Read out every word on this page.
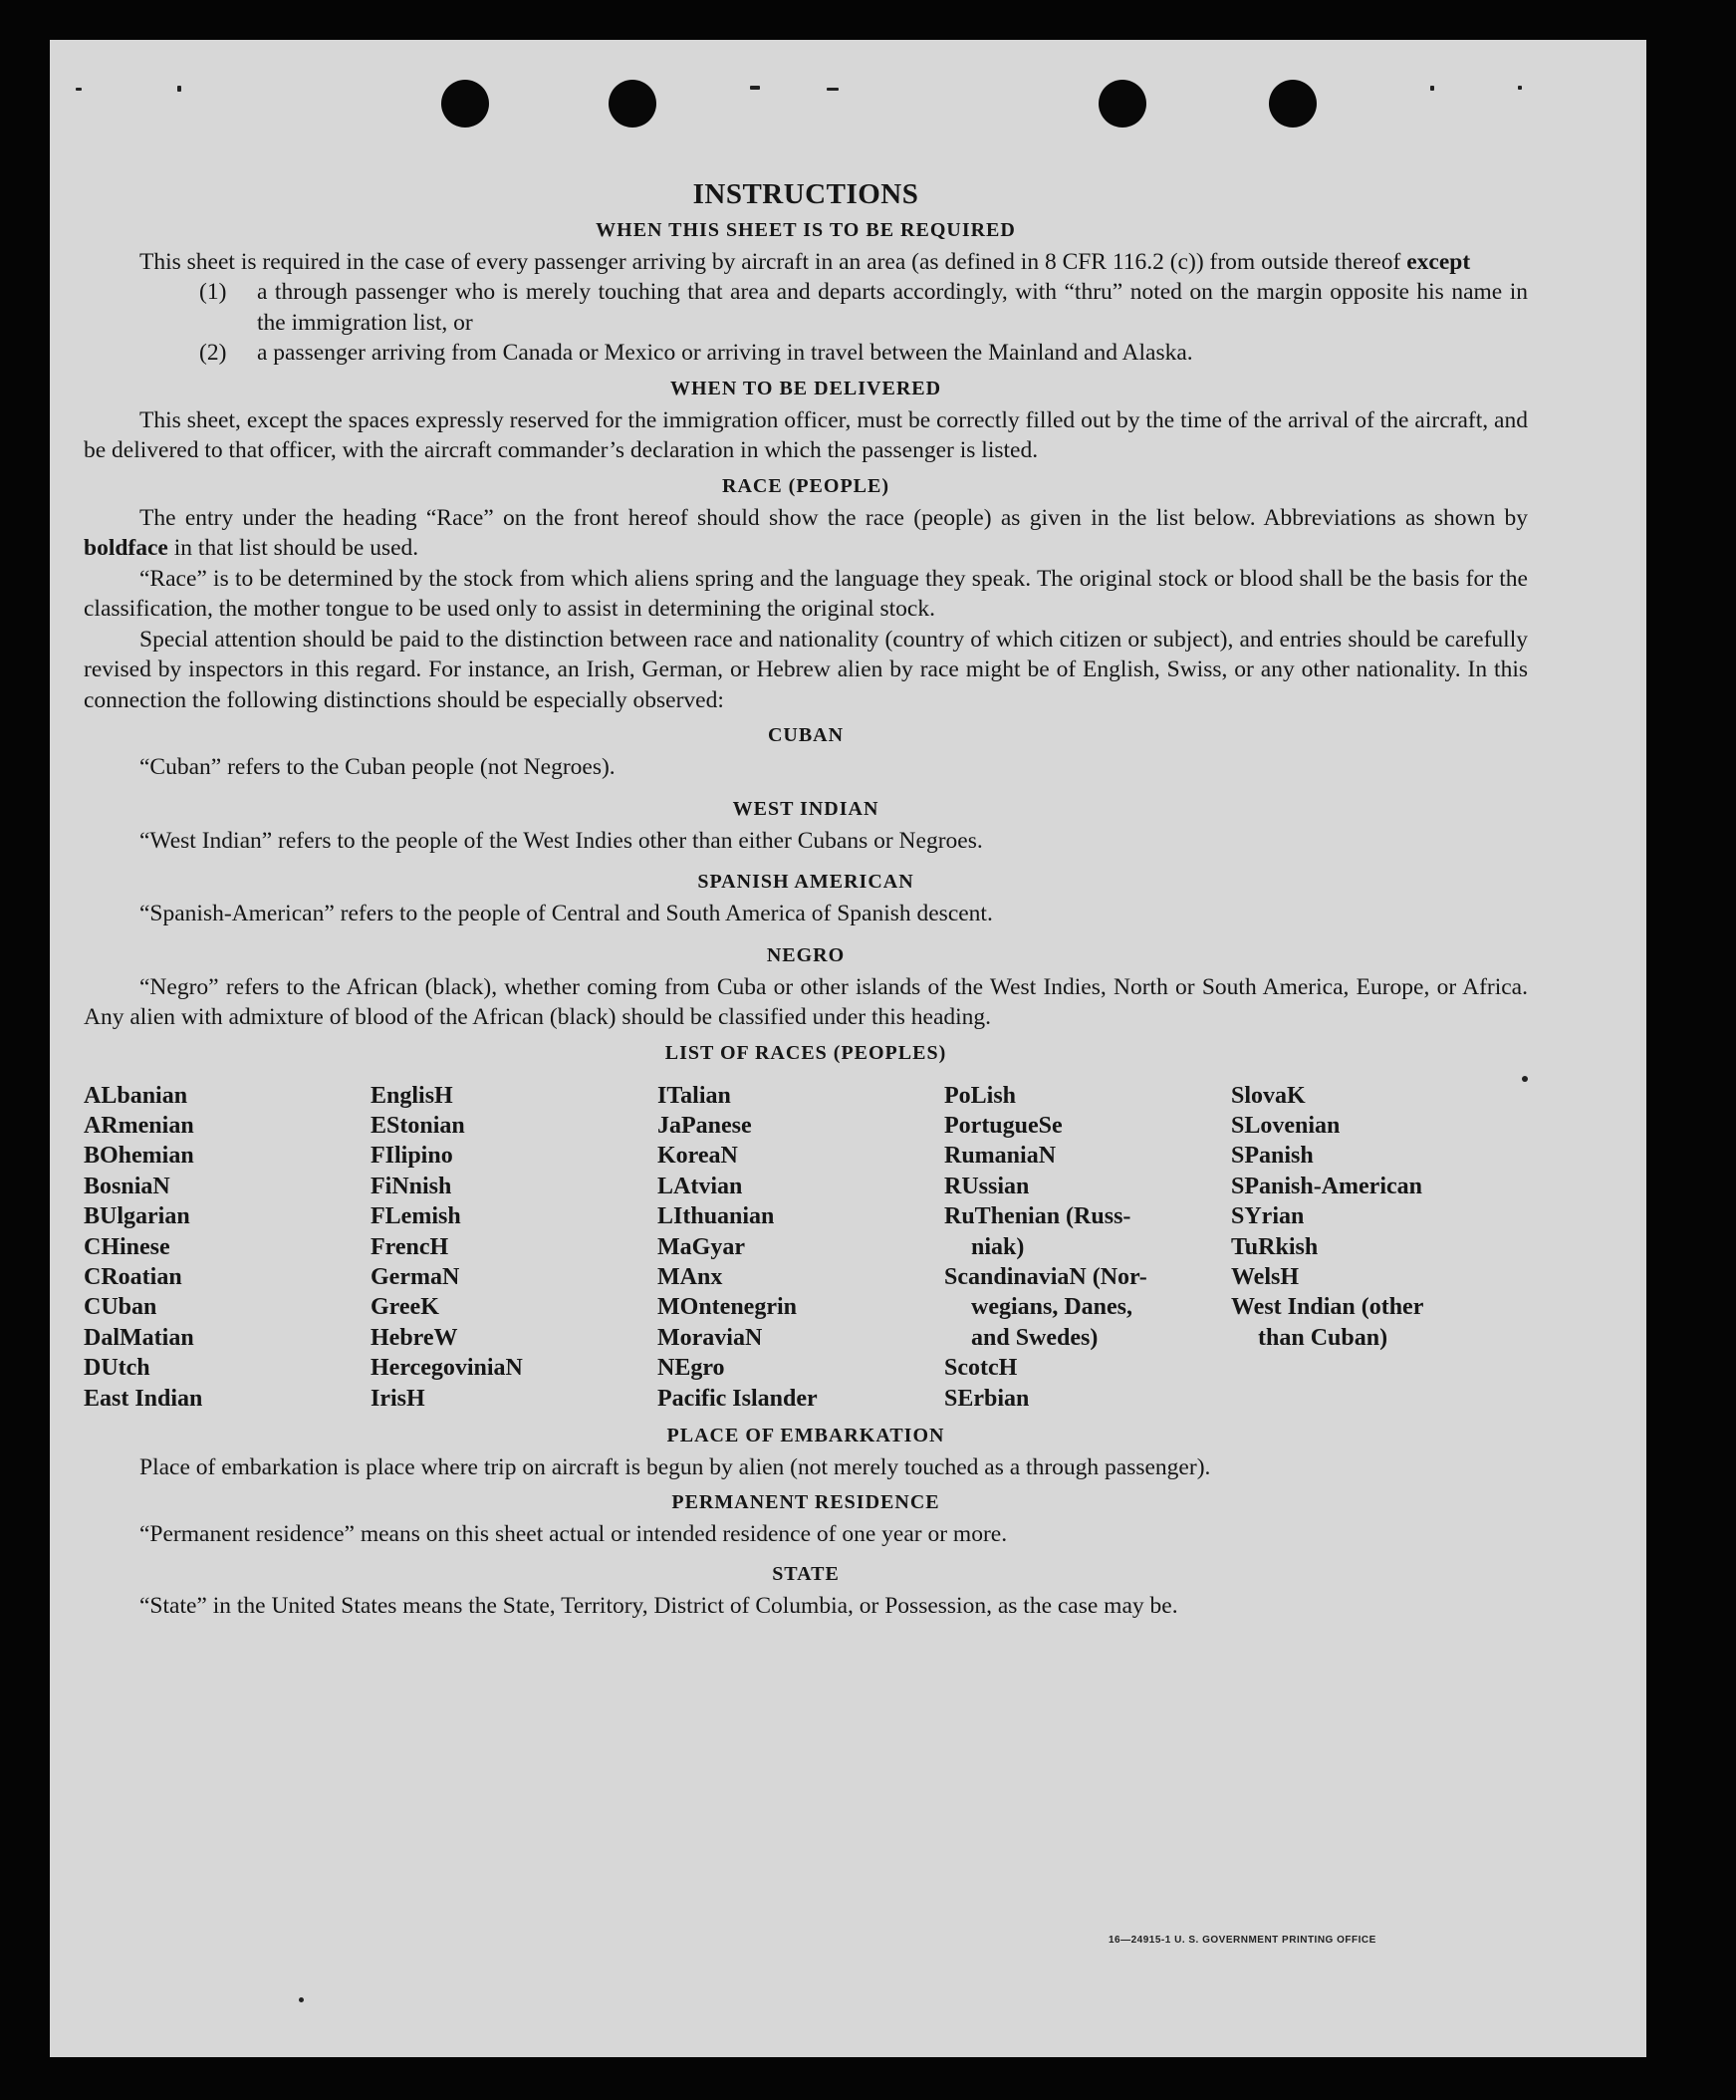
INSTRUCTIONS
WHEN THIS SHEET IS TO BE REQUIRED
This sheet is required in the case of every passenger arriving by aircraft in an area (as defined in 8 CFR 116.2 (c)) from outside thereof except
(1)	a through passenger who is merely touching that area and departs accordingly, with “thru” noted on the margin opposite his name in the immigration list, or
(2)	a passenger arriving from Canada or Mexico or arriving in travel between the Mainland and Alaska.
WHEN TO BE DELIVERED
This sheet, except the spaces expressly reserved for the immigration officer, must be correctly filled out by the time of the arrival of the aircraft, and be delivered to that officer, with the aircraft commander’s declaration in which the passenger is listed.
RACE (PEOPLE)
The entry under the heading “Race” on the front hereof should show the race (people) as given in the list below. Abbreviations as shown by boldface in that list should be used.
“Race” is to be determined by the stock from which aliens spring and the language they speak. The original stock or blood shall be the basis for the classification, the mother tongue to be used only to assist in determining the original stock.
Special attention should be paid to the distinction between race and nationality (country of which citizen or subject), and entries should be carefully revised by inspectors in this regard. For instance, an Irish, German, or Hebrew alien by race might be of English, Swiss, or any other nationality. In this connection the following distinctions should be especially observed:
CUBAN
“Cuban” refers to the Cuban people (not Negroes).
WEST INDIAN
“West Indian” refers to the people of the West Indies other than either Cubans or Negroes.
SPANISH AMERICAN
“Spanish-American” refers to the people of Central and South America of Spanish descent.
NEGRO
“Negro” refers to the African (black), whether coming from Cuba or other islands of the West Indies, North or South America, Europe, or Africa. Any alien with admixture of blood of the African (black) should be classified under this heading.
LIST OF RACES (PEOPLES)
ALbanian
ARmenian
BOhemian
BosniaN
BUlgarian
CHinese
CRoatian
CUban
DalMatian
DUtch
East Indian
EnglisH
EStonian
FIlipino
FiNnish
FLemish
FrencH
GermaN
GreeK
HebreW
HercegoviniaN
IrisH
ITalian
JaPanese
KoreaN
LAtvian
LIthuanian
MaGyar
MAnx
MOntenegrin
MoraviaN
NEgro
Pacific Islander
PoLish
PortugueSe
RumaniaN
RUssian
RuThenian (Russ-
niak)
ScandinaviaN (Nor-
wegians, Danes,
and Swedes)
ScotcH
SErbian
SlovaK
SLovenian
SPanish
SPanish-American
SYrian
TuRkish
WelsH
West Indian (other
than Cuban)
PLACE OF EMBARKATION
Place of embarkation is place where trip on aircraft is begun by alien (not merely touched as a through passenger).
PERMANENT RESIDENCE
“Permanent residence” means on this sheet actual or intended residence of one year or more.
STATE
“State” in the United States means the State, Territory, District of Columbia, or Possession, as the case may be.
16—24915-1 U. S. GOVERNMENT PRINTING OFFICE
